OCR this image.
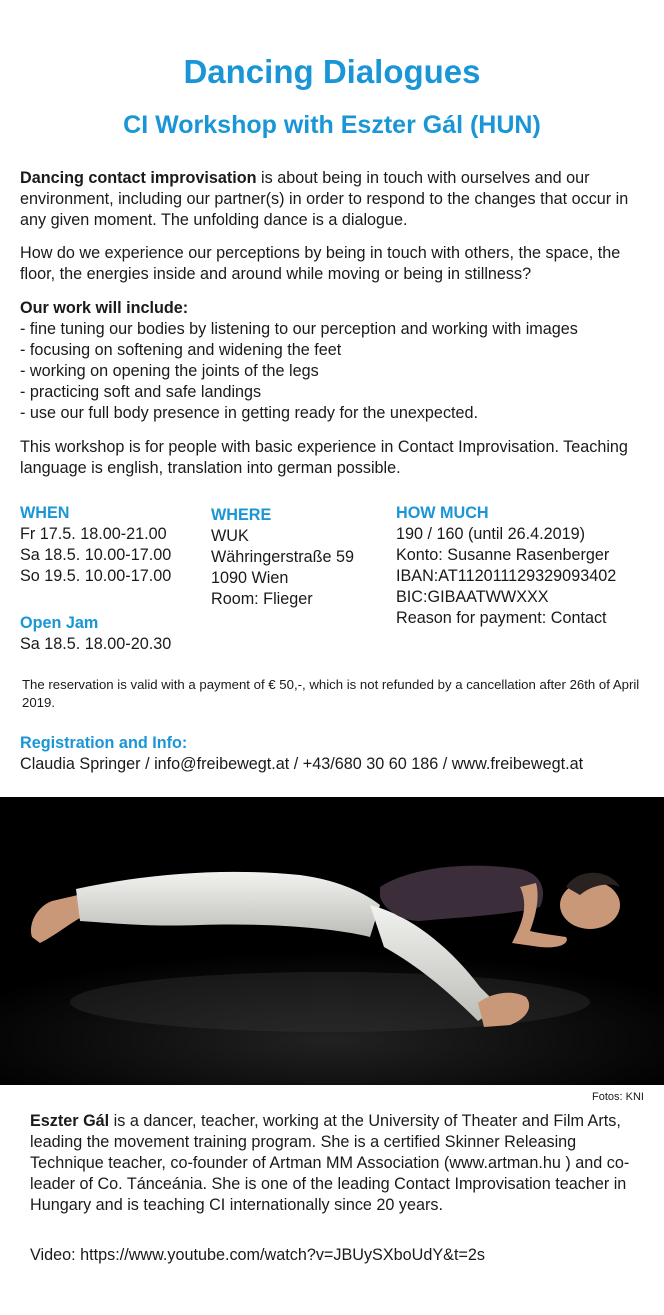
Dancing Dialogues
CI Workshop with Eszter Gál (HUN)

Dancing contact improvisation is about being in touch with ourselves and our environment, including our partner(s) in order to respond to the changes that occur in any given moment. The unfolding dance is a dialogue.

How do we experience our perceptions by being in touch with others, the space, the floor, the energies inside and around while moving or being in stillness?

Our work will include:
- fine tuning our bodies by listening to our perception and working with images
- focusing on softening and widening the feet
- working on opening the joints of the legs
- practicing soft and safe landings
- use our full body presence in getting ready for the unexpected.

This workshop is for people with basic experience in Contact Improvisation. Teaching language is english, translation into german possible.

WHEN
Fr 17.5. 18.00-21.00
Sa 18.5. 10.00-17.00
So 19.5. 10.00-17.00
WHERE
WUK
Währingerstraße 59
1090 Wien
Room: Flieger
HOW MUCH
190 / 160 (until 26.4.2019)
Konto: Susanne Rasenberger
IBAN:AT112011129329093402
BIC:GIBAATWWXXX
Reason for payment: Contact
Open Jam
Sa 18.5. 18.00-20.30
The reservation is valid with a payment of € 50,-, which is not refunded by a cancellation after 26th of April 2019.
Registration and Info:
Claudia Springer / info@freibewegt.at / +43/680 30 60 186 / www.freibewegt.at
Fotos: KNI

Eszter Gál is a dancer, teacher, working at the University of Theater and Film Arts, leading the movement training program. She is a certified Skinner Releasing Technique teacher, co-founder of Artman MM Association (www.artman.hu ) and co-leader of Co. Tánceánia. She is one of the leading Contact Improvisation teacher in Hungary and is teaching CI internationally since 20 years.

Video: https://www.youtube.com/watch?v=JBUySXboUdY&t=2s
